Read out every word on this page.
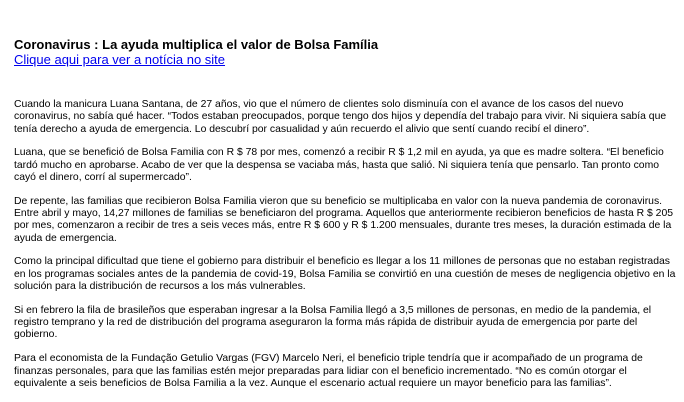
Coronavirus : La ayuda multiplica el valor de Bolsa Família
Clique aqui para ver a notícia no site

Cuando la manicura Luana Santana, de 27 años, vio que el número de clientes solo disminuía con el avance de los casos del nuevo
coronavirus, no sabía qué hacer. “Todos estaban preocupados, porque tengo dos hijos y dependía del trabajo para vivir. Ni siquiera sabía que
tenía derecho a ayuda de emergencia. Lo descubrí por casualidad y aún recuerdo el alivio que sentí cuando recibí el dinero”.

Luana, que se benefició de Bolsa Familia con R $ 78 por mes, comenzó a recibir R $ 1,2 mil en ayuda, ya que es madre soltera. “El beneficio
tardó mucho en aprobarse. Acabo de ver que la despensa se vaciaba más, hasta que salió. Ni siquiera tenía que pensarlo. Tan pronto como
cayó el dinero, corrí al supermercado”.

De repente, las familias que recibieron Bolsa Familia vieron que su beneficio se multiplicaba en valor con la nueva pandemia de coronavirus.
Entre abril y mayo, 14,27 millones de familias se beneficiaron del programa. Aquellos que anteriormente recibieron beneficios de hasta R $ 205
por mes, comenzaron a recibir de tres a seis veces más, entre R $ 600 y R $ 1.200 mensuales, durante tres meses, la duración estimada de la
ayuda de emergencia.

Como la principal dificultad que tiene el gobierno para distribuir el beneficio es llegar a los 11 millones de personas que no estaban registradas
en los programas sociales antes de la pandemia de covid-19, Bolsa Familia se convirtió en una cuestión de meses de negligencia objetivo en la
solución para la distribución de recursos a los más vulnerables.

Si en febrero la fila de brasileños que esperaban ingresar a la Bolsa Familia llegó a 3,5 millones de personas, en medio de la pandemia, el
registro temprano y la red de distribución del programa aseguraron la forma más rápida de distribuir ayuda de emergencia por parte del
gobierno.

Para el economista de la Fundação Getulio Vargas (FGV) Marcelo Neri, el beneficio triple tendría que ir acompañado de un programa de
finanzas personales, para que las familias estén mejor preparadas para lidiar con el beneficio incrementado. “No es común otorgar el
equivalente a seis beneficios de Bolsa Familia a la vez. Aunque el escenario actual requiere un mayor beneficio para las familias”.
